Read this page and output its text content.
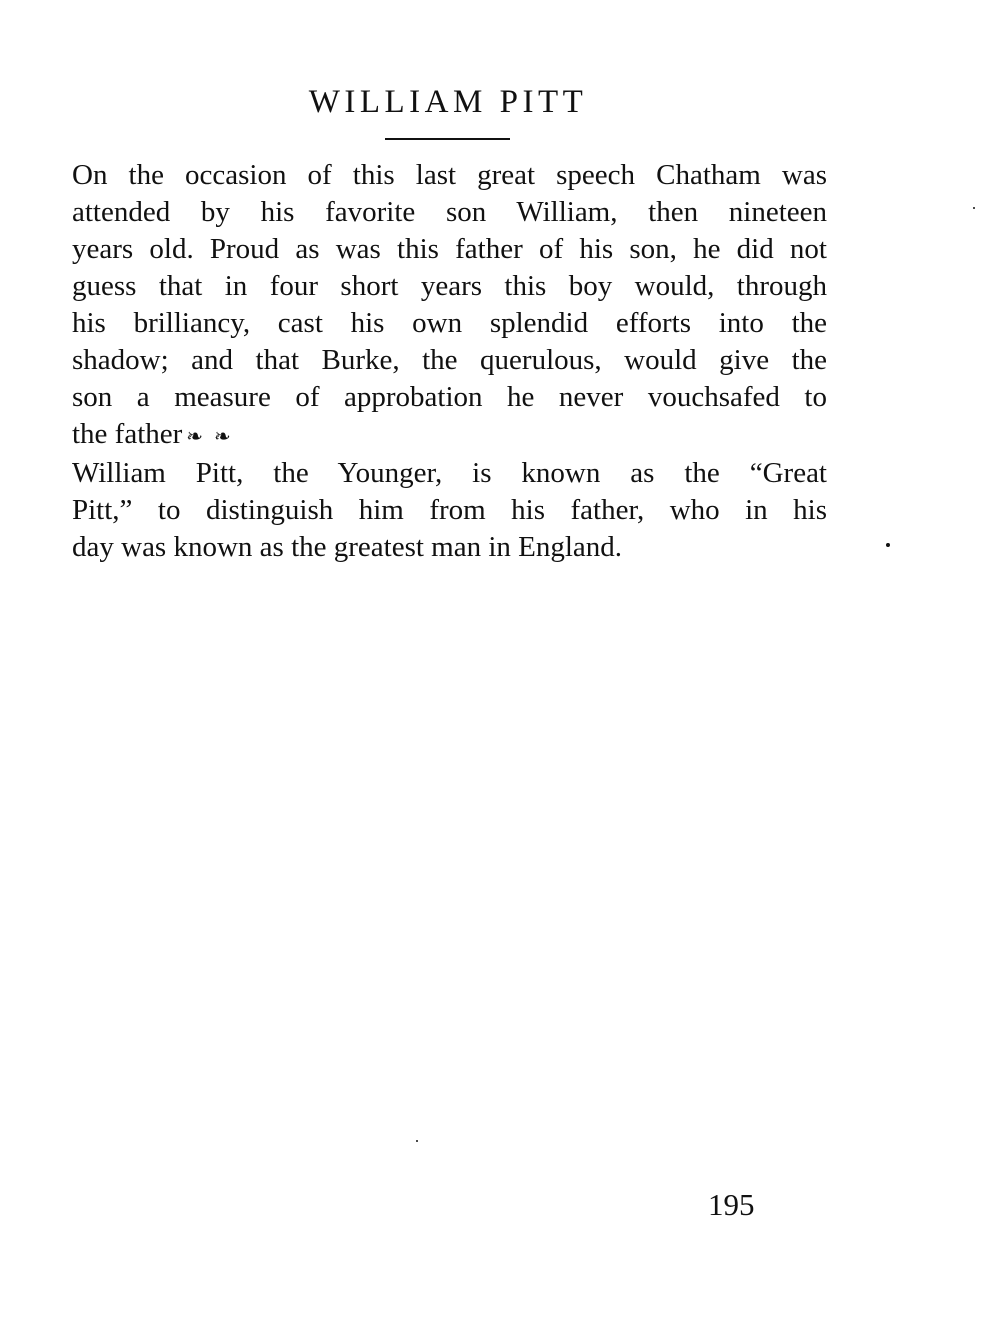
WILLIAM PITT
On the occasion of this last great speech Chatham was
attended by his favorite son William, then nineteen
years old. Proud as was this father of his son, he did not
guess that in four short years this boy would, through
his brilliancy, cast his own splendid efforts into the
shadow; and that Burke, the querulous, would give the
son a measure of approbation he never vouchsafed to
the father ❧ ❧
William Pitt, the Younger, is known as the “Great
Pitt,” to distinguish him from his father, who in his
day was known as the greatest man in England.
195
